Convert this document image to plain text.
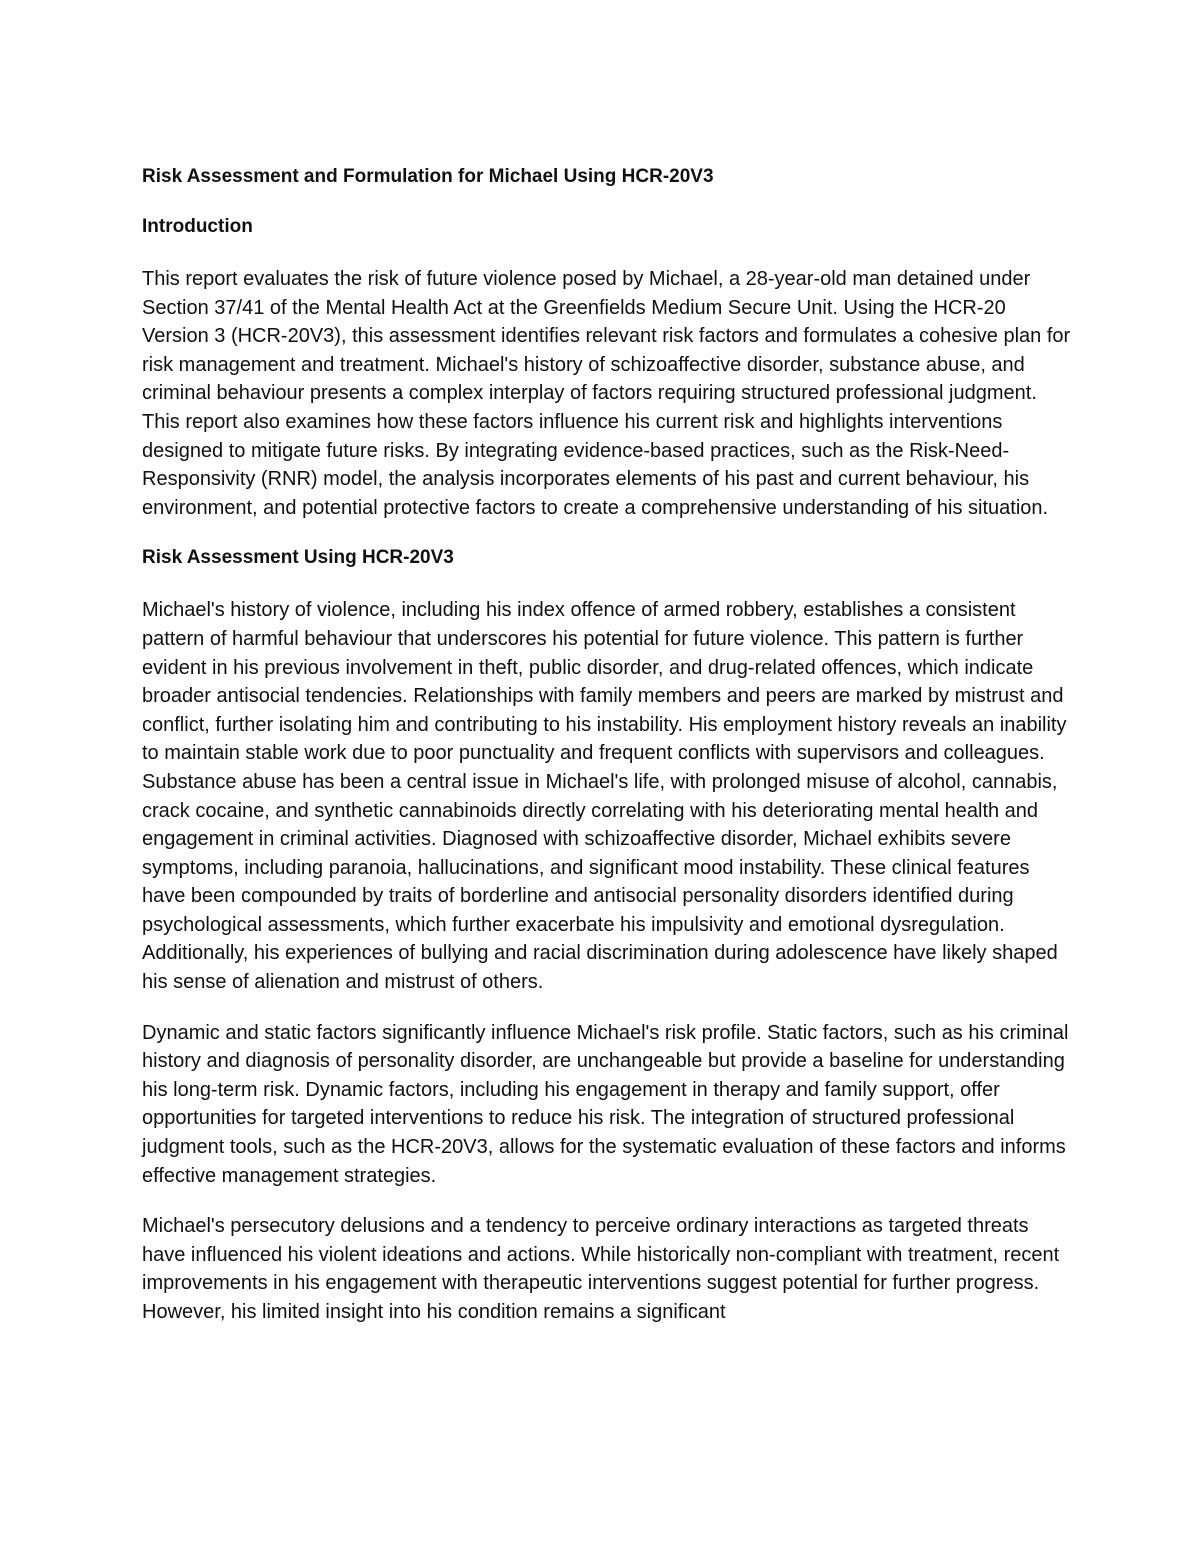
Risk Assessment and Formulation for Michael Using HCR-20V3
Introduction

This report evaluates the risk of future violence posed by Michael, a 28-year-old man detained under Section 37/41 of the Mental Health Act at the Greenfields Medium Secure Unit. Using the HCR-20 Version 3 (HCR-20V3), this assessment identifies relevant risk factors and formulates a cohesive plan for risk management and treatment. Michael's history of schizoaffective disorder, substance abuse, and criminal behaviour presents a complex interplay of factors requiring structured professional judgment. This report also examines how these factors influence his current risk and highlights interventions designed to mitigate future risks. By integrating evidence-based practices, such as the Risk-Need-Responsivity (RNR) model, the analysis incorporates elements of his past and current behaviour, his environment, and potential protective factors to create a comprehensive understanding of his situation.

Risk Assessment Using HCR-20V3

Michael's history of violence, including his index offence of armed robbery, establishes a consistent pattern of harmful behaviour that underscores his potential for future violence. This pattern is further evident in his previous involvement in theft, public disorder, and drug-related offences, which indicate broader antisocial tendencies. Relationships with family members and peers are marked by mistrust and conflict, further isolating him and contributing to his instability. His employment history reveals an inability to maintain stable work due to poor punctuality and frequent conflicts with supervisors and colleagues. Substance abuse has been a central issue in Michael's life, with prolonged misuse of alcohol, cannabis, crack cocaine, and synthetic cannabinoids directly correlating with his deteriorating mental health and engagement in criminal activities. Diagnosed with schizoaffective disorder, Michael exhibits severe symptoms, including paranoia, hallucinations, and significant mood instability. These clinical features have been compounded by traits of borderline and antisocial personality disorders identified during psychological assessments, which further exacerbate his impulsivity and emotional dysregulation. Additionally, his experiences of bullying and racial discrimination during adolescence have likely shaped his sense of alienation and mistrust of others.

Dynamic and static factors significantly influence Michael's risk profile. Static factors, such as his criminal history and diagnosis of personality disorder, are unchangeable but provide a baseline for understanding his long-term risk. Dynamic factors, including his engagement in therapy and family support, offer opportunities for targeted interventions to reduce his risk. The integration of structured professional judgment tools, such as the HCR-20V3, allows for the systematic evaluation of these factors and informs effective management strategies.

Michael's persecutory delusions and a tendency to perceive ordinary interactions as targeted threats have influenced his violent ideations and actions. While historically non-compliant with treatment, recent improvements in his engagement with therapeutic interventions suggest potential for further progress. However, his limited insight into his condition remains a significant
